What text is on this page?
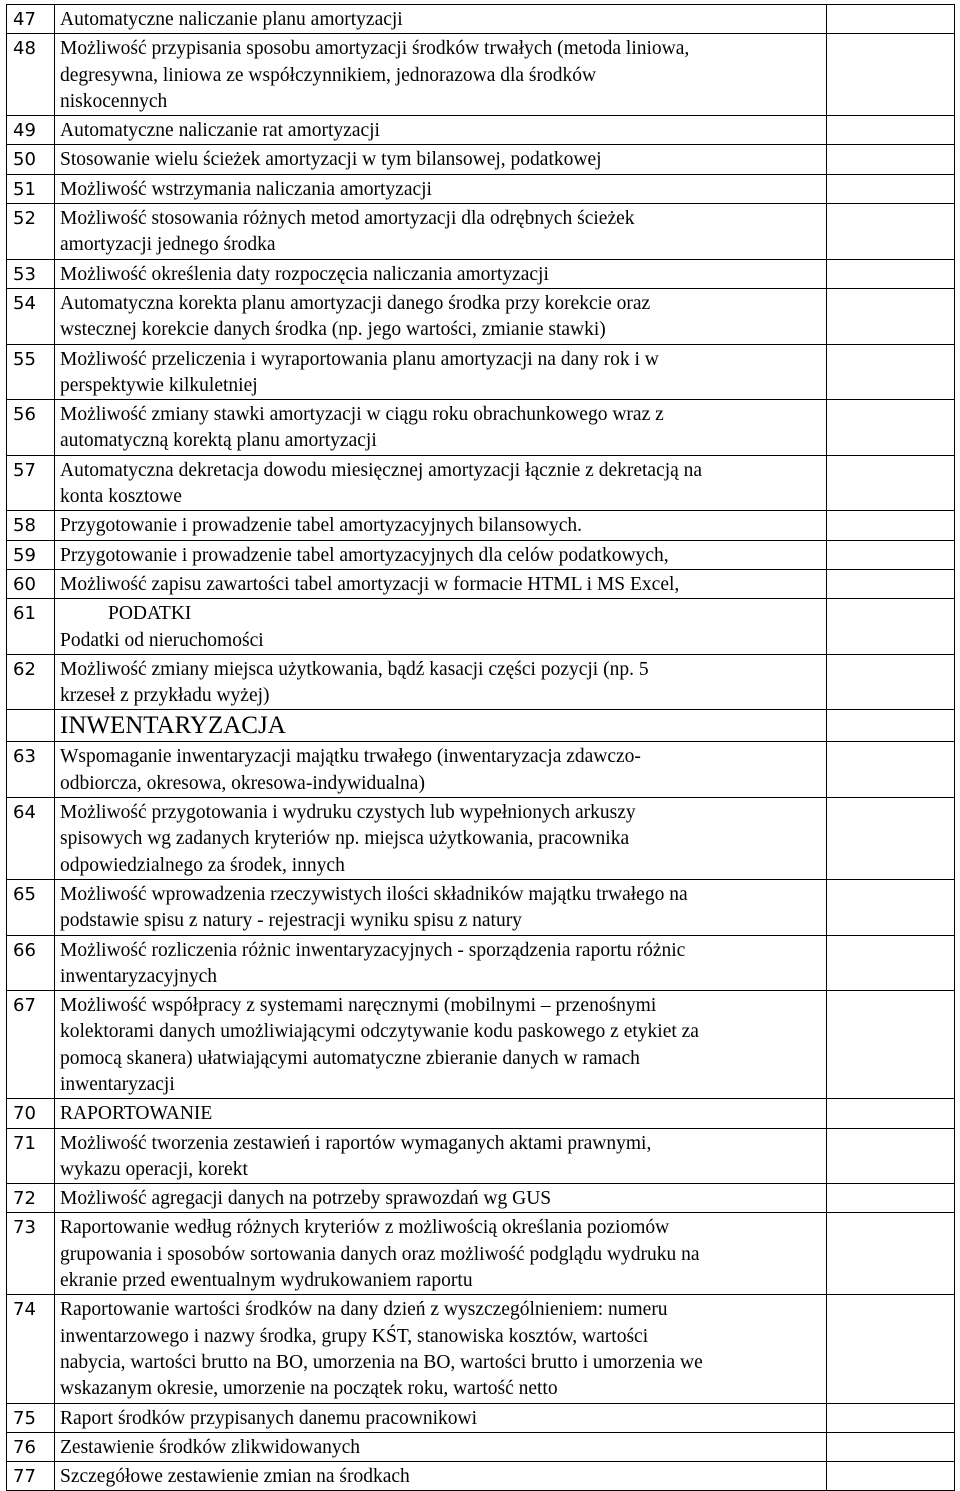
47	Automatyczne naliczanie planu amortyzacji	

48	Możliwość przypisania sposobu amortyzacji środków trwałych (metoda liniowa,
degresywna, liniowa ze współczynnikiem, jednorazowa dla środków
niskocennych	

49	Automatyczne naliczanie rat amortyzacji	

50	Stosowanie wielu ścieżek amortyzacji w tym bilansowej, podatkowej	

51	Możliwość wstrzymania naliczania amortyzacji	

52	Możliwość stosowania różnych metod amortyzacji dla odrębnych ścieżek
amortyzacji jednego środka	

53	Możliwość określenia daty rozpoczęcia naliczania amortyzacji	

54	Automatyczna korekta planu amortyzacji danego środka przy korekcie oraz
wstecznej korekcie danych środka (np. jego wartości, zmianie stawki)	

55	Możliwość przeliczenia i wyraportowania planu amortyzacji na dany rok i w
perspektywie kilkuletniej	

56	Możliwość zmiany stawki amortyzacji w ciągu roku obrachunkowego wraz z
automatyczną korektą planu amortyzacji	

57	Automatyczna dekretacja dowodu miesięcznej amortyzacji łącznie z dekretacją na
konta kosztowe	

58	Przygotowanie i prowadzenie tabel amortyzacyjnych bilansowych.	

59	Przygotowanie i prowadzenie tabel amortyzacyjnych dla celów podatkowych,	

60	Możliwość zapisu zawartości tabel amortyzacji w formacie HTML i MS Excel,	

61	PODATKI
Podatki od nieruchomości	

62	Możliwość zmiany miejsca użytkowania, bądź kasacji części pozycji (np. 5
krzeseł z przykładu wyżej)	

	INWENTARYZACJA	
63	Wspomaganie inwentaryzacji majątku trwałego (inwentaryzacja zdawczo-
odbiorcza, okresowa, okresowa-indywidualna)	

64	Możliwość przygotowania i wydruku czystych lub wypełnionych arkuszy
spisowych wg zadanych kryteriów np. miejsca użytkowania, pracownika
odpowiedzialnego za środek, innych	

65	Możliwość wprowadzenia rzeczywistych ilości składników majątku trwałego na
podstawie spisu z natury - rejestracji wyniku spisu z natury	

66	Możliwość rozliczenia różnic inwentaryzacyjnych - sporządzenia raportu różnic
inwentaryzacyjnych	

67	Możliwość współpracy z systemami naręcznymi (mobilnymi – przenośnymi
kolektorami danych umożliwiającymi odczytywanie kodu paskowego z etykiet za
pomocą skanera) ułatwiającymi automatyczne zbieranie danych w ramach
inwentaryzacji	

70	RAPORTOWANIE	

71	Możliwość tworzenia zestawień i raportów wymaganych aktami prawnymi,
wykazu operacji, korekt	

72	Możliwość agregacji danych na potrzeby sprawozdań wg GUS	

73	Raportowanie według różnych kryteriów z możliwością określania poziomów
grupowania i sposobów sortowania danych oraz możliwość podglądu wydruku na
ekranie przed ewentualnym wydrukowaniem raportu	

74	Raportowanie wartości środków na dany dzień z wyszczególnieniem: numeru
inwentarzowego i nazwy środka, grupy KŚT, stanowiska kosztów, wartości
nabycia, wartości brutto na BO, umorzenia na BO, wartości brutto i umorzenia we
wskazanym okresie, umorzenie na początek roku, wartość netto	

75	Raport środków przypisanych danemu pracownikowi	

76	Zestawienie środków zlikwidowanych	

77	Szczegółowe zestawienie zmian na środkach	
